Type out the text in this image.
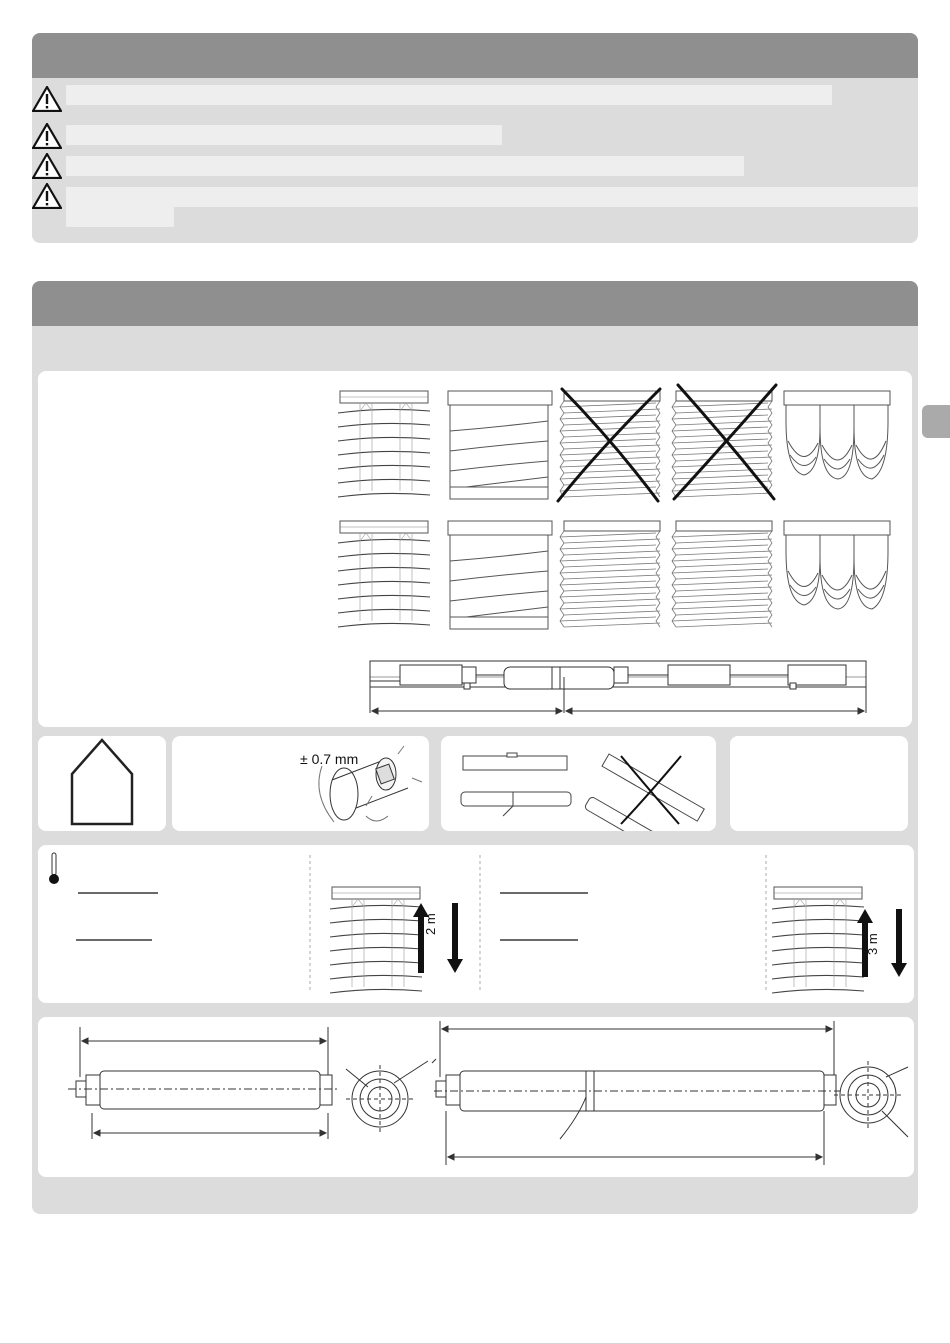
± 0.7 mm
2 m
3 m
